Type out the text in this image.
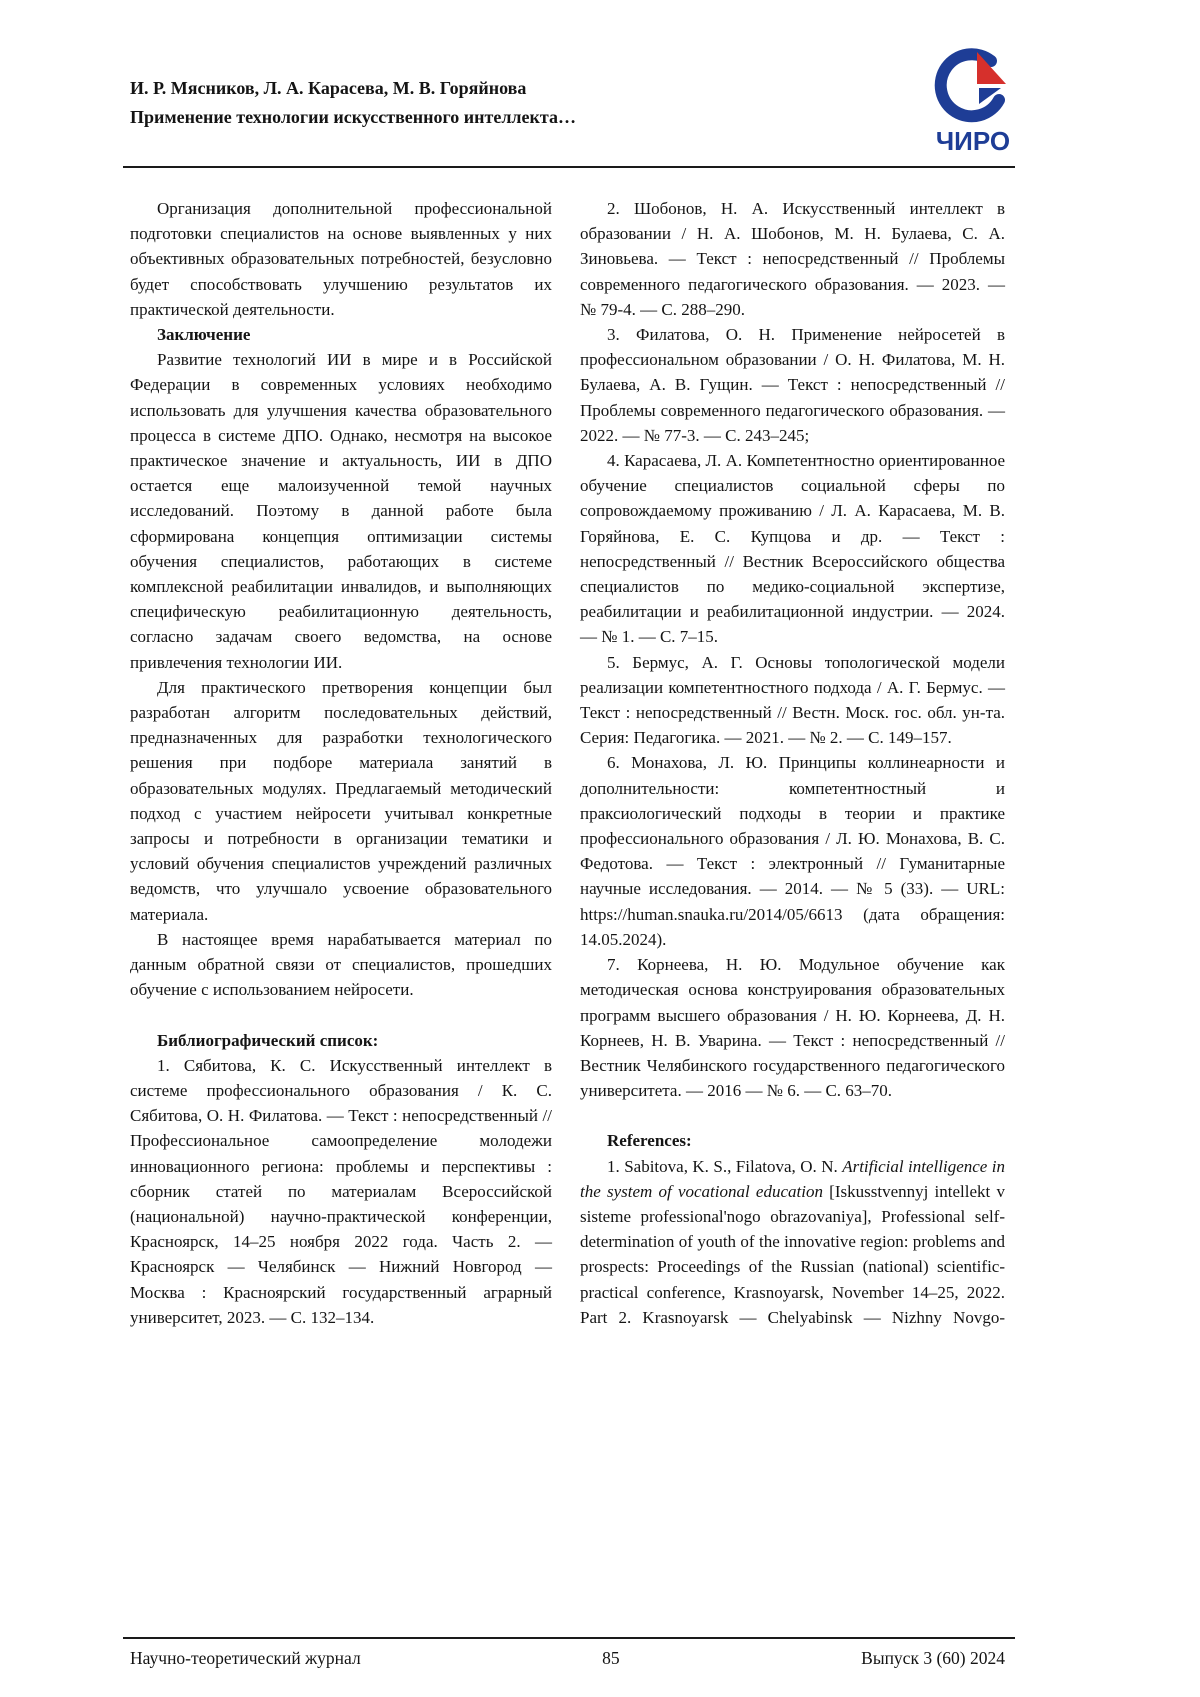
И. Р. Мясников, Л. А. Карасева, М. В. Горяйнова
Применение технологии искусственного интеллекта…
ЧИРО

Организация дополнительной профессиональной подготовки специалистов на основе выявленных у них объективных образовательных потребностей, безусловно будет способствовать улучшению результатов их практической деятельности.

Заключение

Развитие технологий ИИ в мире и в Российской Федерации в современных условиях необходимо использовать для улучшения качества образовательного процесса в системе ДПО. Однако, несмотря на высокое практическое значение и актуальность, ИИ в ДПО остается еще малоизученной темой научных исследований. Поэтому в данной работе была сформирована концепция оптимизации системы обучения специалистов, работающих в системе комплексной реабилитации инвалидов, и выполняющих специфическую реабилитационную деятельность, согласно задачам своего ведомства, на основе привлечения технологии ИИ.

Для практического претворения концепции был разработан алгоритм последовательных действий, предназначенных для разработки технологического решения при подборе материала занятий в образовательных модулях. Предлагаемый методический подход с участием нейросети учитывал конкретные запросы и потребности в организации тематики и условий обучения специалистов учреждений различных ведомств, что улучшало усвоение образовательного материала.

В настоящее время нарабатывается материал по данным обратной связи от специалистов, прошедших обучение с использованием нейросети.

Библиографический список:

1. Сябитова, К. С. Искусственный интеллект в системе профессионального образования / К. С. Сябитова, О. Н. Филатова. — Текст : непосредственный // Профессиональное самоопределение молодежи инновационного региона: проблемы и перспективы : сборник статей по материалам Всероссийской (национальной) научно-практической конференции, Красноярск, 14–25 ноября 2022 года. Часть 2. — Красноярск — Челябинск — Нижний Новгород — Москва : Красноярский государственный аграрный университет, 2023. — С. 132–134.

2. Шобонов, Н. А. Искусственный интеллект в образовании / Н. А. Шобонов, М. Н. Булаева, С. А. Зиновьева. — Текст : непосредственный // Проблемы современного педагогического образования. — 2023. — № 79-4. — С. 288–290.

3. Филатова, О. Н. Применение нейросетей в профессиональном образовании / О. Н. Филатова, М. Н. Булаева, А. В. Гущин. — Текст : непосредственный // Проблемы современного педагогического образования. — 2022. — № 77-3. — С. 243–245;

4. Карасаева, Л. А. Компетентностно ориентированное обучение специалистов социальной сферы по сопровождаемому проживанию / Л. А. Карасаева, М. В. Горяйнова, Е. С. Купцова и др. — Текст : непосредственный // Вестник Всероссийского общества специалистов по медико-социальной экспертизе, реабилитации и реабилитационной индустрии. — 2024. — № 1. — С. 7–15.

5. Бермус, А. Г. Основы топологической модели реализации компетентностного подхода / А. Г. Бермус. — Текст : непосредственный // Вестн. Моск. гос. обл. ун-та. Серия: Педагогика. — 2021. — № 2. — С. 149–157.

6. Монахова, Л. Ю. Принципы коллинеарности и дополнительности: компетентностный и праксиологический подходы в теории и практике профессионального образования / Л. Ю. Монахова, В. С. Федотова. — Текст : электронный // Гуманитарные научные исследования. — 2014. — № 5 (33). — URL: https://human.snauka.ru/2014/05/6613 (дата обращения: 14.05.2024).

7. Корнеева, Н. Ю. Модульное обучение как методическая основа конструирования образовательных программ высшего образования / Н. Ю. Корнеева, Д. Н. Корнеев, Н. В. Уварина. — Текст : непосредственный // Вестник Челябинского государственного педагогического университета. — 2016 — № 6. — С. 63–70.

References:

1. Sabitova, K. S., Filatova, O. N. Artificial intelligence in the system of vocational education [Iskusstvennyj intellekt v sisteme professional'nogo obrazovaniya], Professional self-determination of youth of the innovative region: problems and prospects: Proceedings of the Russian (national) scientific-practical conference, Krasnoyarsk, November 14–25, 2022. Part 2. Krasnoyarsk — Chelyabinsk — Nizhny Novgo-

Научно-теоретический журнал	85	Выпуск 3 (60) 2024
